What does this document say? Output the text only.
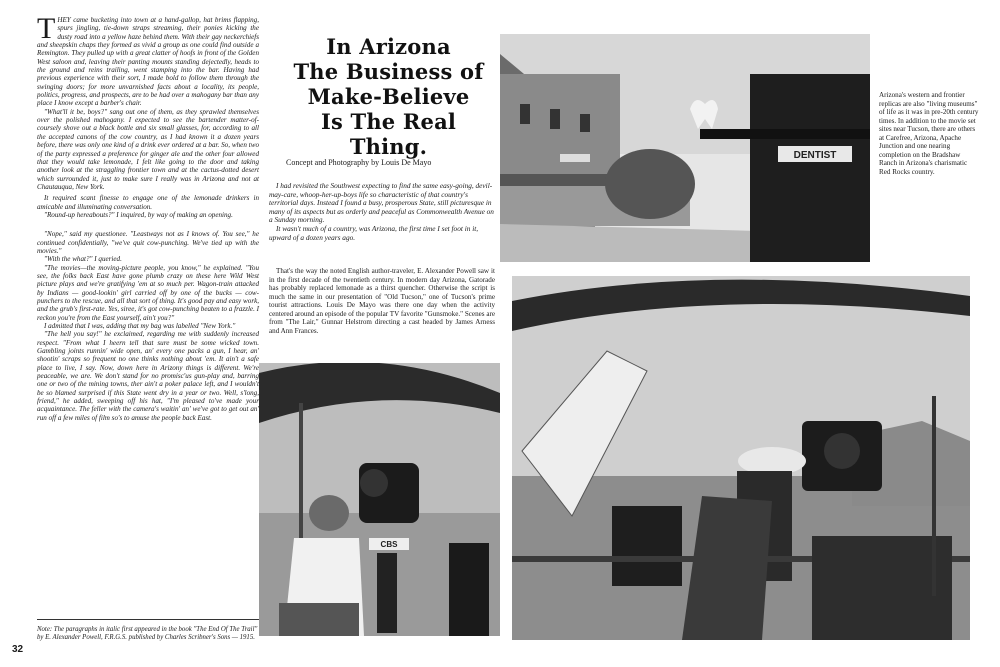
THEY came bucketing into town at a hand-gallop, hat brims flapping, spurs jingling, tie-down straps streaming, their ponies kicking the dusty road into a yellow haze behind them. With their gay neckerchiefs and sheepskin chaps they formed as vivid a group as one could find outside a Remington. They pulled up with a great clatter of hoofs in front of the Golden West saloon and, leaving their panting mounts standing dejectedly, heads to the ground and reins trailing, went stamping into the bar. Having had previous experience with their sort, I made bold to follow them through the swinging doors; for more unvarnished facts about a locality, its people, politics, progress, and prospects, are to be had over a mahogany bar than any place I know except a barber's chair.

"What'll it be, boys?" sang out one of them, as they sprawled themselves over the polished mahogany. I expected to see the bartender matter-of-coursely shove out a black bottle and six small glasses, for, according to all the accepted canons of the cow country, as I had known it a dozen years before, there was only one kind of a drink ever ordered at a bar. So, when two of the party expressed a preference for ginger ale and the other four allowed that they would take lemonade, I felt like going to the door and taking another look at the straggling frontier town and at the cactus-dotted desert which surrounded it, just to make sure I really was in Arizona and not at Chautauqua, New York.

It required scant finesse to engage one of the lemonade drinkers in amicable and illuminating conversation.

"Round-up hereabouts?" I inquired, by way of making an opening.

"Nope," said my questionee. "Leastways not as I knows of. You see," he continued confidentially, "we've quit cow-punching. We've tied up with the movies."

"With the what?" I queried.

"The movies—the moving-picture people, you know," he explained. "You see, the folks back East have gone plumb crazy on these here Wild West picture plays and we're gratifying 'em at so much per. Wagon-train attacked by Indians — good-lookin' girl carried off by one of the bucks — cow-punchers to the rescue, and all that sort of thing. It's good pay and easy work, and the grub's first-rate. Yes, siree, it's got cow-punching beaten to a frazzle. I reckon you're from the East yourself, ain't you?"

I admitted that I was, adding that my bag was labelled "New York."

"The hell you say!" he exclaimed, regarding me with suddenly increased respect. "From what I heern tell that sure must be some wicked town. Gambling joints runnin' wide open, an' every one packs a gun, I hear, an' shootin' scraps so frequent no one thinks nothing about 'em. It ain't a safe place to live, I say. Now, down here in Arizony things is different. We're peaceable, we are. We don't stand for no promisc'us gun-play and, barring one or two of the mining towns, ther ain't a poker palace left, and I wouldn't be so blamed surprised if this State went dry in a year or two. Well, s'long, friend," he added, sweeping off his hat, "I'm pleased to've made your acquaintance. The feller with the camera's waitin' an' we've got to get out an' run off a few miles of film so's to amuse the people back East.

Note: The paragraphs in italic first appeared in the book "The End Of The Trail" by E. Alexander Powell, F.R.G.S. published by Charles Scribner's Sons — 1915.
32
In Arizona
The Business of
Make-Believe
Is The Real Thing.
Concept and Photography by Louis De Mayo

I had revisited the Southwest expecting to find the same easy-going, devil-may-care, whoop-her-up-boys life so characteristic of that country's territorial days. Instead I found a busy, prosperous State, still picturesque in many of its aspects but as orderly and peaceful as Commonwealth Avenue on a Sunday morning.

It wasn't much of a country, was Arizona, the first time I set foot in it, upward of a dozen years ago.

That's the way the noted English author-traveler, E. Alexander Powell saw it in the first decade of the twentieth century. In modern day Arizona, Gatorade has probably replaced lemonade as a thirst quencher. Otherwise the script is much the same in our presentation of "Old Tucson," one of Tucson's prime tourist attractions. Louis De Mayo was there one day when the activity centered around an episode of the popular TV favorite "Gunsmoke." Scenes are from "The Lair," Gunnar Helstrom directing a cast headed by James Arness and Ann Frances.

Arizona's western and frontier replicas are also "living museums" of life as it was in pre-20th century times. In addition to the movie set sites near Tucson, there are others at Carefree, Arizona, Apache Junction and one nearing completion on the Bradshaw Ranch in Arizona's charismatic Red Rocks country.
DENTIST
CBS
